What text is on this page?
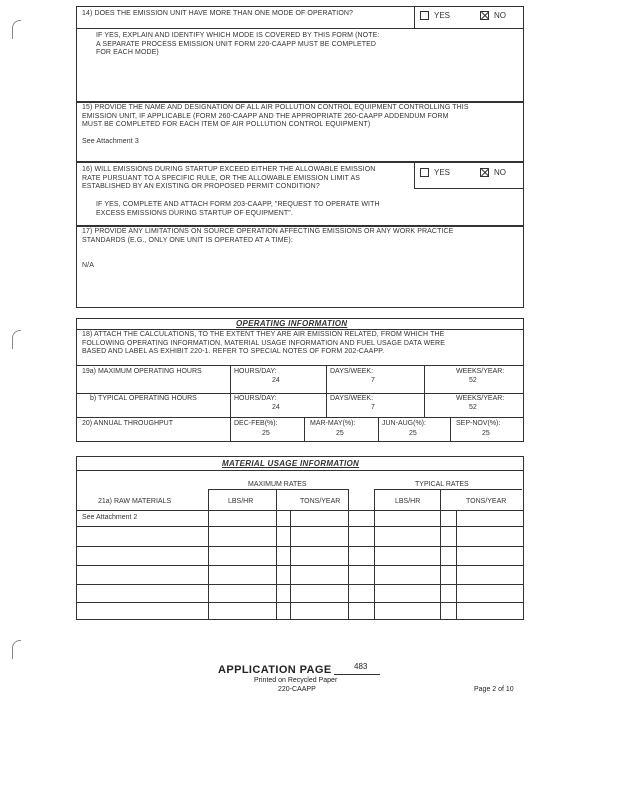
14) DOES THE EMISSION UNIT HAVE MORE THAN ONE MODE OF OPERATION?	YES	NO
IF YES, EXPLAIN AND IDENTIFY WHICH MODE IS COVERED BY THIS FORM (NOTE:
A SEPARATE PROCESS EMISSION UNIT FORM 220-CAAPP MUST BE COMPLETED
FOR EACH MODE)
15) PROVIDE THE NAME AND DESIGNATION OF ALL AIR POLLUTION CONTROL EQUIPMENT CONTROLLING THIS
EMISSION UNIT, IF APPLICABLE (FORM 260-CAAPP AND THE APPROPRIATE 260-CAAPP ADDENDUM FORM
MUST BE COMPLETED FOR EACH ITEM OF AIR POLLUTION CONTROL EQUIPMENT)
See Attachment 3
16) WILL EMISSIONS DURING STARTUP EXCEED EITHER THE ALLOWABLE EMISSION
RATE PURSUANT TO A SPECIFIC RULE, OR THE ALLOWABLE EMISSION LIMIT AS
ESTABLISHED BY AN EXISTING OR PROPOSED PERMIT CONDITION?
YES	NO
IF YES, COMPLETE AND ATTACH FORM 203-CAAPP, "REQUEST TO OPERATE WITH
EXCESS EMISSIONS DURING STARTUP OF EQUIPMENT".
17) PROVIDE ANY LIMITATIONS ON SOURCE OPERATION AFFECTING EMISSIONS OR ANY WORK PRACTICE
STANDARDS (E.G., ONLY ONE UNIT IS OPERATED AT A TIME):
N/A
OPERATING INFORMATION
18) ATTACH THE CALCULATIONS, TO THE EXTENT THEY ARE AIR EMISSION RELATED, FROM WHICH THE
FOLLOWING OPERATING INFORMATION, MATERIAL USAGE INFORMATION AND FUEL USAGE DATA WERE
BASED AND LABEL AS EXHIBIT 220-1. REFER TO SPECIAL NOTES OF FORM 202-CAAPP.
19a) MAXIMUM OPERATING HOURS	HOURS/DAY:
24
DAYS/WEEK:
7
WEEKS/YEAR:
52
b) TYPICAL OPERATING HOURS	HOURS/DAY:
24
DAYS/WEEK:
7
WEEKS/YEAR:
52
20) ANNUAL THROUGHPUT	DEC-FEB(%):
25
MAR-MAY(%):
25
JUN-AUG(%):
25
SEP-NOV(%):
25
MATERIAL USAGE INFORMATION
MAXIMUM RATES	TYPICAL RATES
21a) RAW MATERIALS	LBS/HR	TONS/YEAR	LBS/HR	TONS/YEAR
See Attachment 2
APPLICATION PAGE	483
Printed on Recycled Paper
220-CAAPP	Page 2 of 10
